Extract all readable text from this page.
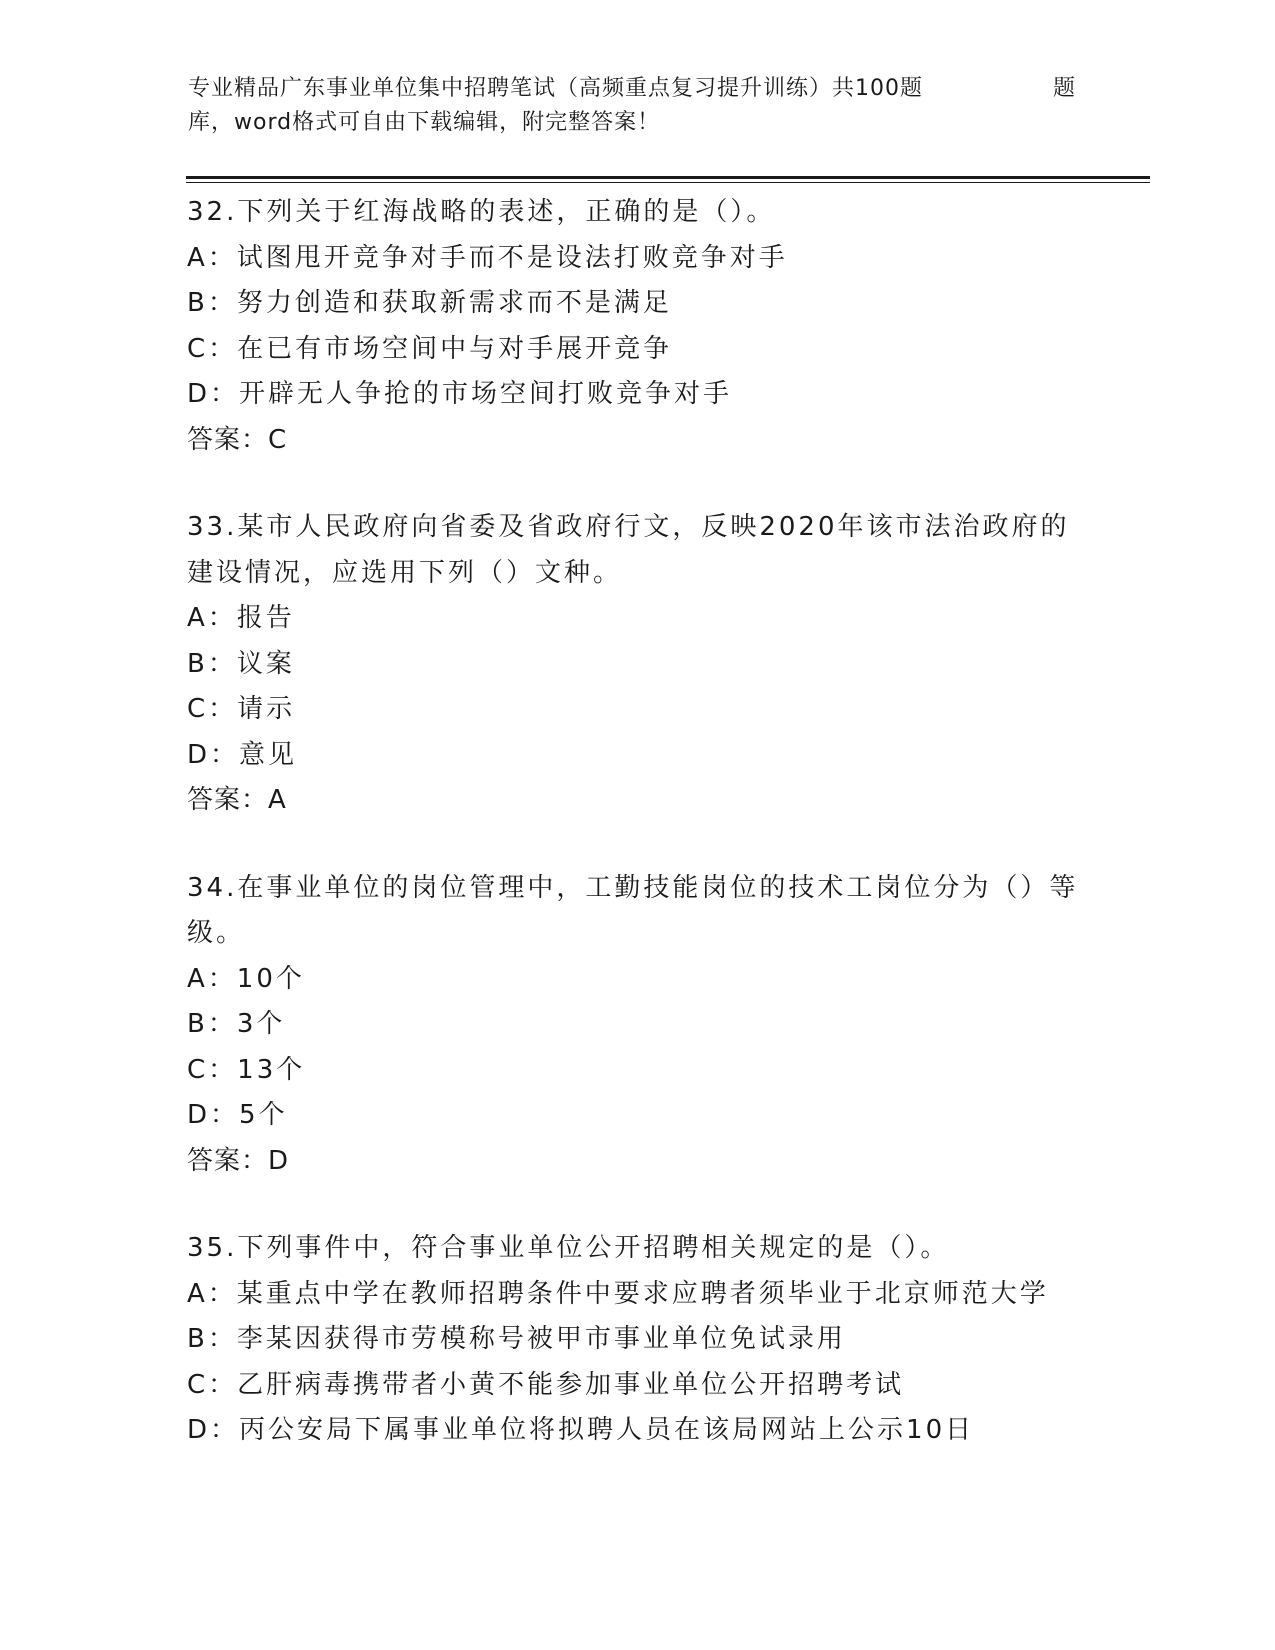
专业精品广东事业单位集中招聘笔试（高频重点复习提升训练）共100题	题
库，word格式可自由下载编辑，附完整答案！
32.下列关于红海战略的表述，正确的是（）。
A：试图甩开竞争对手而不是设法打败竞争对手
B：努力创造和获取新需求而不是满足
C：在已有市场空间中与对手展开竞争
D：开辟无人争抢的市场空间打败竞争对手
答案：C
33.某市人民政府向省委及省政府行文，反映2020年该市法治政府的
建设情况，应选用下列（）文种。
A：报告
B：议案
C：请示
D：意见
答案：A
34.在事业单位的岗位管理中，工勤技能岗位的技术工岗位分为（）等
级。
A：10个
B：3个
C：13个
D：5个
答案：D
35.下列事件中，符合事业单位公开招聘相关规定的是（）。
A：某重点中学在教师招聘条件中要求应聘者须毕业于北京师范大学
B：李某因获得市劳模称号被甲市事业单位免试录用
C：乙肝病毒携带者小黄不能参加事业单位公开招聘考试
D：丙公安局下属事业单位将拟聘人员在该局网站上公示10日
